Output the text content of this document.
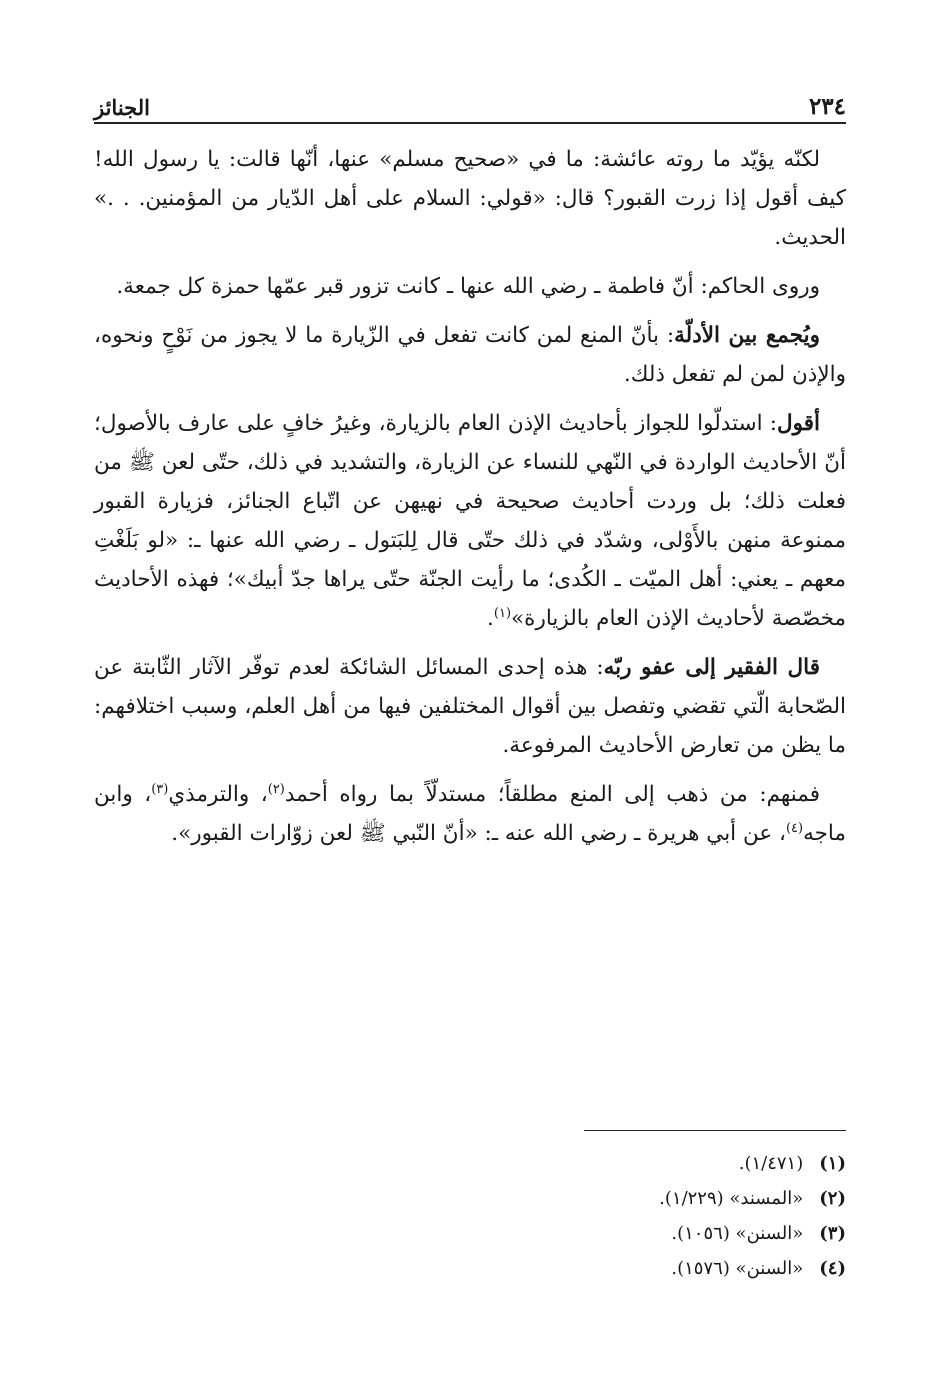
٢٣٤
الجنائز

لكنّه يؤيّد ما روته عائشة: ما في «صحيح مسلم» عنها، أنّها قالت: يا رسول الله! كيف أقول إذا زرت القبور؟ قال: «قولي: السلام على أهل الدّيار من المؤمنين. . .» الحديث.

وروى الحاكم: أنّ فاطمة ـ رضي الله عنها ـ كانت تزور قبر عمّها حمزة كل جمعة.

ويُجمع بين الأدلّة: بأنّ المنع لمن كانت تفعل في الزّيارة ما لا يجوز من نَوْحٍ ونحوه، والإذن لمن لم تفعل ذلك.

أقول: استدلّوا للجواز بأحاديث الإذن العام بالزيارة، وغيرُ خافٍ على عارف بالأصول؛ أنّ الأحاديث الواردة في النّهي للنساء عن الزيارة، والتشديد في ذلك، حتّى لعن ﷺ من فعلت ذلك؛ بل وردت أحاديث صحيحة في نهيهن عن اتّباع الجنائز، فزيارة القبور ممنوعة منهن بالأَوْلى، وشدّد في ذلك حتّى قال لِلبَتول ـ رضي الله عنها ـ: «لو بَلَغْتِ معهم ـ يعني: أهل الميّت ـ الكُدى؛ ما رأيت الجنّة حتّى يراها جدّ أبيك»؛ فهذه الأحاديث مخصّصة لأحاديث الإذن العام بالزيارة»$^{(١)}$.

قال الفقير إلى عفو ربّه: هذه إحدى المسائل الشائكة لعدم توفّر الآثار الثّابتة عن الصّحابة الّتي تقضي وتفصل بين أقوال المختلفين فيها من أهل العلم، وسبب اختلافهم: ما يظن من تعارض الأحاديث المرفوعة.

فمنهم: من ذهب إلى المنع مطلقاً؛ مستدلّاً بما رواه أحمد$^{(٢)}$، والترمذي$^{(٣)}$، وابن ماجه$^{(٤)}$، عن أبي هريرة ـ رضي الله عنه ـ: «أنّ النّبي ﷺ لعن زوّارات القبور».

(١)
(١/٤٧١).
(٢)
«المسند» (١/٢٢٩).
(٣)
«السنن» (١٠٥٦).
(٤)
«السنن» (١٥٧٦).
